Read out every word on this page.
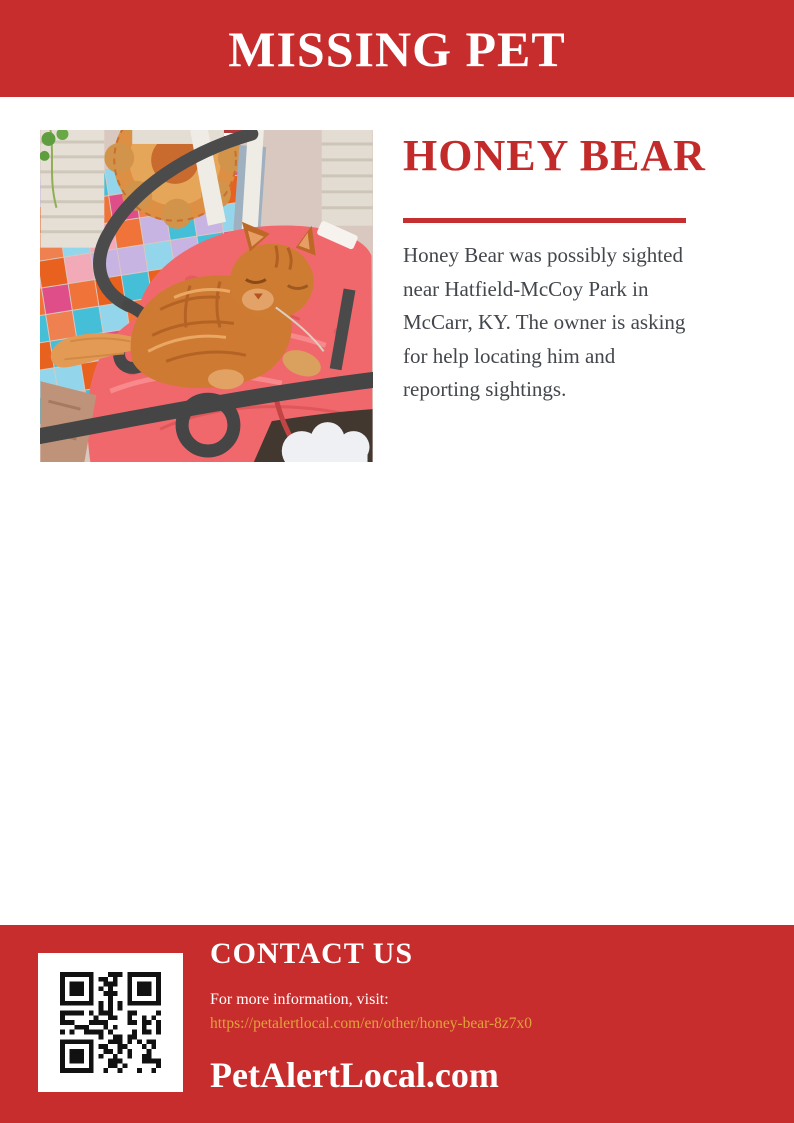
MISSING PET
HONEY BEAR

Honey Bear was possibly sighted near Hatfield-McCoy Park in McCarr, KY. The owner is asking for help locating him and reporting sightings.

CONTACT US

For more information, visit:

https://petalertlocal.com/en/other/honey-bear-8z7x0
PetAlertLocal.com
